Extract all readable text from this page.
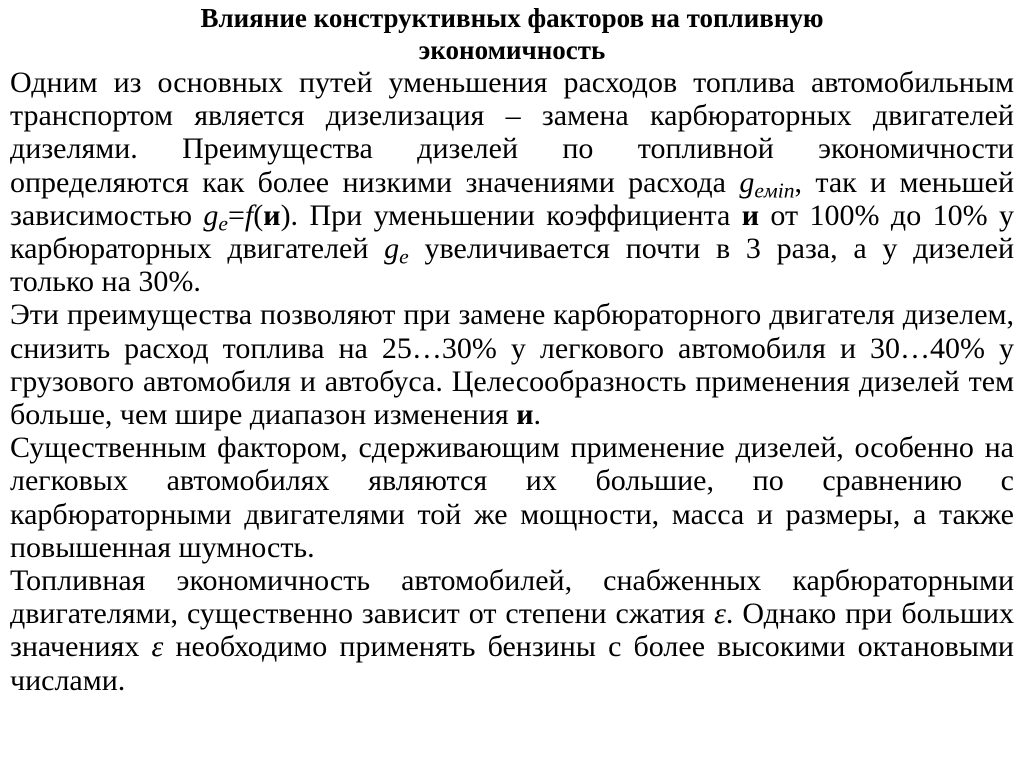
Влияние конструктивных факторов на топливную
экономичность

Одним из основных путей уменьшения расходов топлива автомобильным транспортом является дизелизация – замена карбюраторных двигателей дизелями. Преимущества дизелей по топливной экономичности определяются как более низкими значениями расхода $g_{eмin}$, так и меньшей зависимостью $g_e=f(и)$. При уменьшении коэффициента и от 100% до 10% у карбюраторных двигателей $g_e$ увеличивается почти в 3 раза, а у дизелей только на 30%.

Эти преимущества позволяют при замене карбюраторного двигателя дизелем, снизить расход топлива на 25…30% у легкового автомобиля и 30…40% у грузового автомобиля и автобуса. Целесообразность применения дизелей тем больше, чем шире диапазон изменения и.

Существенным фактором, сдерживающим применение дизелей, особенно на легковых автомобилях являются их большие, по сравнению с карбюраторными двигателями той же мощности, масса и размеры, а также повышенная шумность.

Топливная экономичность автомобилей, снабженных карбюраторными двигателями, существенно зависит от степени сжатия ε. Однако при больших значениях ε необходимо применять бензины с более высокими октановыми числами.
